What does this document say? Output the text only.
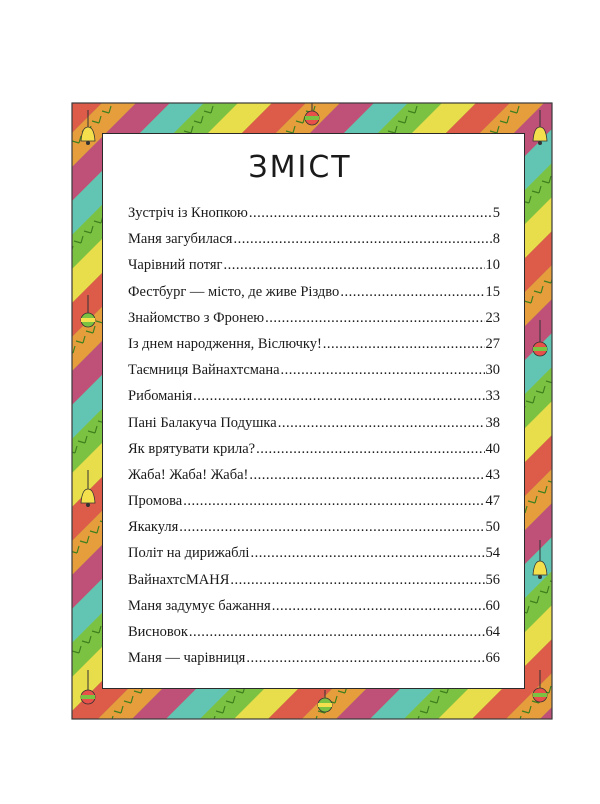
ЗМІСТ
Зустріч із Кнопкою .....	5
Маня загубилася .....	8
Чарівний потяг .....	10
Фестбург — місто, де живе Різдво .....	15
Знайомство з Фронею .....	23
Із днем народження, Віслючку! .....	27
Таємниця Вайнахтсмана .....	30
Рибоманія .....	33
Пані Балакуча Подушка .....	38
Як врятувати крила? .....	40
Жаба! Жаба! Жаба! .....	43
Промова .....	47
Якакуля .....	50
Політ на дирижаблі .....	54
ВайнахтсМАНЯ .....	56
Маня задумує бажання .....	60
Висновок .....	64
Маня — чарівниця .....	66
